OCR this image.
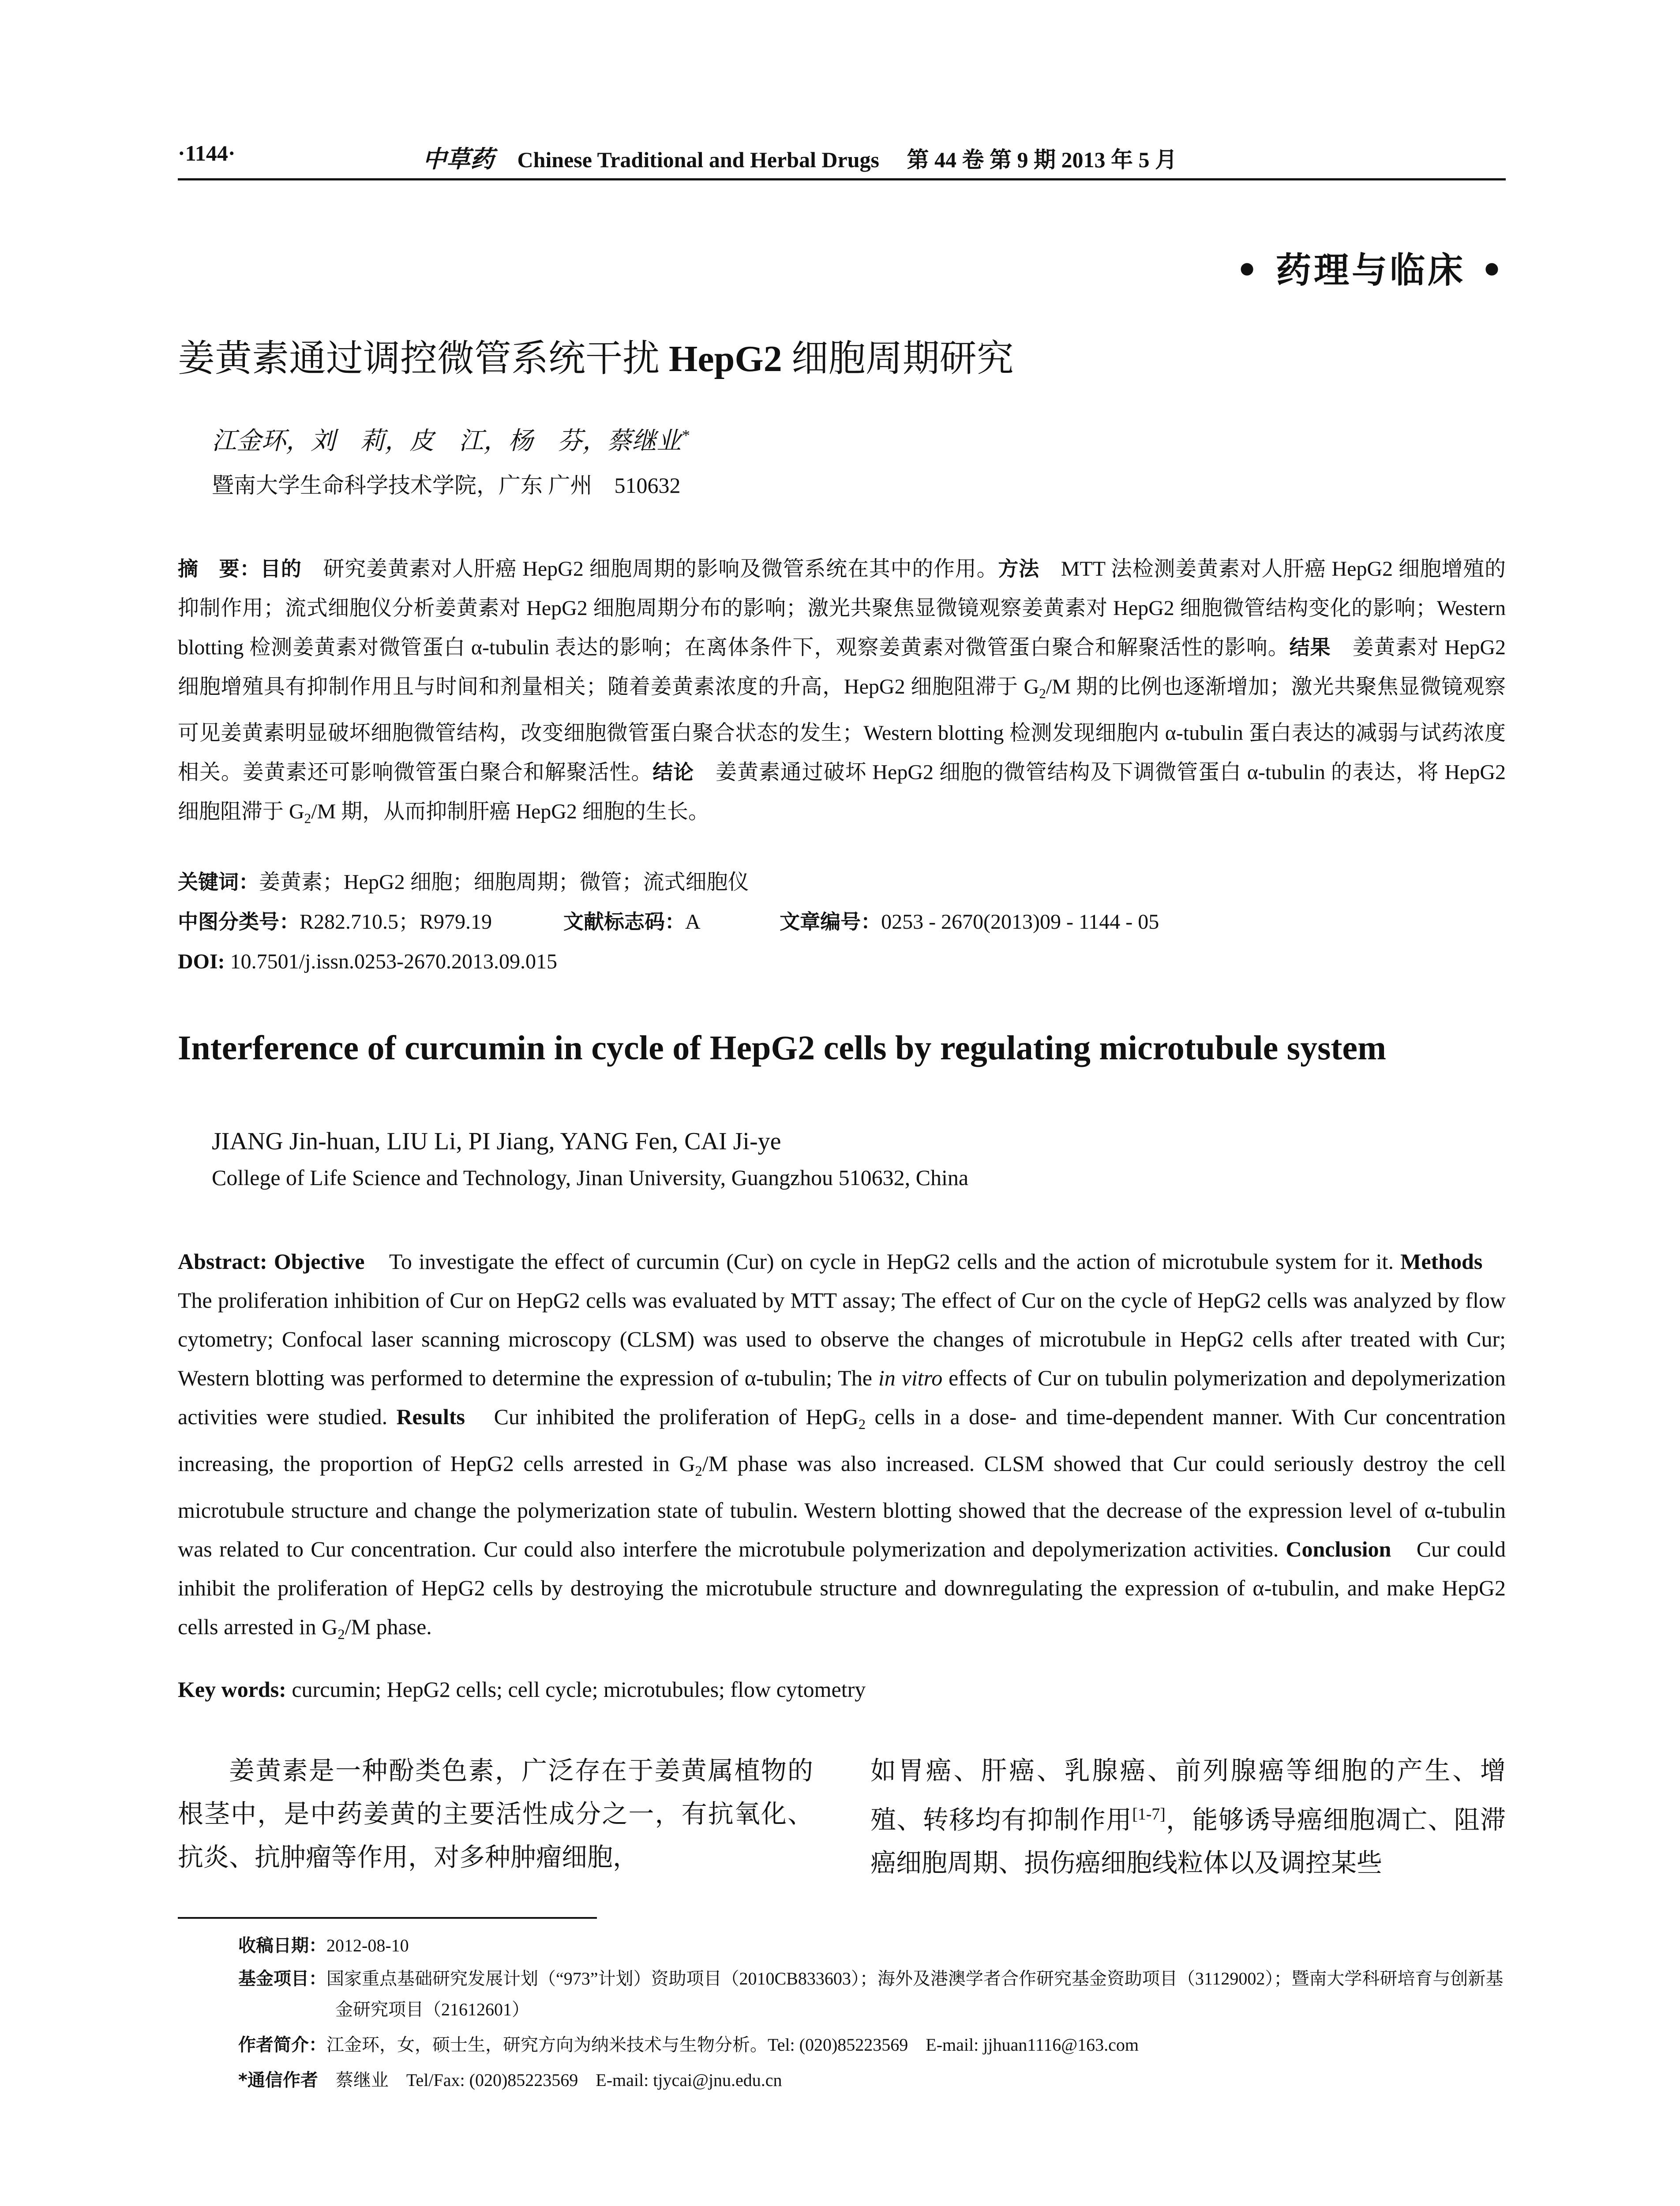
·1144·	中草药 Chinese Traditional and Herbal Drugs 第 44 卷 第 9 期 2013 年 5 月
• 药理与临床 •
姜黄素通过调控微管系统干扰 HepG2 细胞周期研究
江金环，刘　莉，皮　江，杨　芬，蔡继业*
暨南大学生命科学技术学院，广东 广州　510632
摘　要：目的　研究姜黄素对人肝癌 HepG2 细胞周期的影响及微管系统在其中的作用。方法　MTT 法检测姜黄素对人肝癌 HepG2 细胞增殖的抑制作用；流式细胞仪分析姜黄素对 HepG2 细胞周期分布的影响；激光共聚焦显微镜观察姜黄素对 HepG2 细胞微管结构变化的影响；Western blotting 检测姜黄素对微管蛋白 α-tubulin 表达的影响；在离体条件下，观察姜黄素对微管蛋白聚合和解聚活性的影响。结果　姜黄素对 HepG2 细胞增殖具有抑制作用且与时间和剂量相关；随着姜黄素浓度的升高，HepG2 细胞阻滞于 $G_2/M$ 期的比例也逐渐增加；激光共聚焦显微镜观察可见姜黄素明显破坏细胞微管结构，改变细胞微管蛋白聚合状态的发生；Western blotting 检测发现细胞内 α-tubulin 蛋白表达的减弱与试药浓度相关。姜黄素还可影响微管蛋白聚合和解聚活性。结论　姜黄素通过破坏 HepG2 细胞的微管结构及下调微管蛋白 α-tubulin 的表达，将 HepG2 细胞阻滞于 $G_2/M$ 期，从而抑制肝癌 HepG2 细胞的生长。
关键词：姜黄素；HepG2 细胞；细胞周期；微管；流式细胞仪
中图分类号：R282.710.5；R979.19	文献标志码：A	文章编号：0253 - 2670(2013)09 - 1144 - 05
DOI: 10.7501/j.issn.0253-2670.2013.09.015
Interference of curcumin in cycle of HepG2 cells by regulating microtubule system
JIANG Jin-huan, LIU Li, PI Jiang, YANG Fen, CAI Ji-ye
College of Life Science and Technology, Jinan University, Guangzhou 510632, China
Abstract: Objective　To investigate the effect of curcumin (Cur) on cycle in HepG2 cells and the action of microtubule system for it. Methods　The proliferation inhibition of Cur on HepG2 cells was evaluated by MTT assay; The effect of Cur on the cycle of HepG2 cells was analyzed by flow cytometry; Confocal laser scanning microscopy (CLSM) was used to observe the changes of microtubule in HepG2 cells after treated with Cur; Western blotting was performed to determine the expression of α-tubulin; The in vitro effects of Cur on tubulin polymerization and depolymerization activities were studied. Results　Cur inhibited the proliferation of HepG$_2$ cells in a dose- and time-dependent manner. With Cur concentration increasing, the proportion of HepG2 cells arrested in $G_2/M$ phase was also increased. CLSM showed that Cur could seriously destroy the cell microtubule structure and change the polymerization state of tubulin. Western blotting showed that the decrease of the expression level of α-tubulin was related to Cur concentration. Cur could also interfere the microtubule polymerization and depolymerization activities. Conclusion　Cur could inhibit the proliferation of HepG2 cells by destroying the microtubule structure and downregulating the expression of α-tubulin, and make HepG2 cells arrested in $G_2/M$ phase.
Key words: curcumin; HepG2 cells; cell cycle; microtubules; flow cytometry
姜黄素是一种酚类色素，广泛存在于姜黄属植物的根茎中，是中药姜黄的主要活性成分之一，有抗氧化、抗炎、抗肿瘤等作用，对多种肿瘤细胞，
如胃癌、肝癌、乳腺癌、前列腺癌等细胞的产生、增殖、转移均有抑制作用[1-7]，能够诱导癌细胞凋亡、阻滞癌细胞周期、损伤癌细胞线粒体以及调控某些
收稿日期：2012-08-10
基金项目：国家重点基础研究发展计划（“973”计划）资助项目（2010CB833603）；海外及港澳学者合作研究基金资助项目（31129002）；暨南大学科研培育与创新基金研究项目（21612601）
作者简介：江金环，女，硕士生，研究方向为纳米技术与生物分析。Tel: (020)85223569　E-mail: jjhuan1116@163.com
*通信作者　蔡继业　Tel/Fax: (020)85223569　E-mail: tjycai@jnu.edu.cn
